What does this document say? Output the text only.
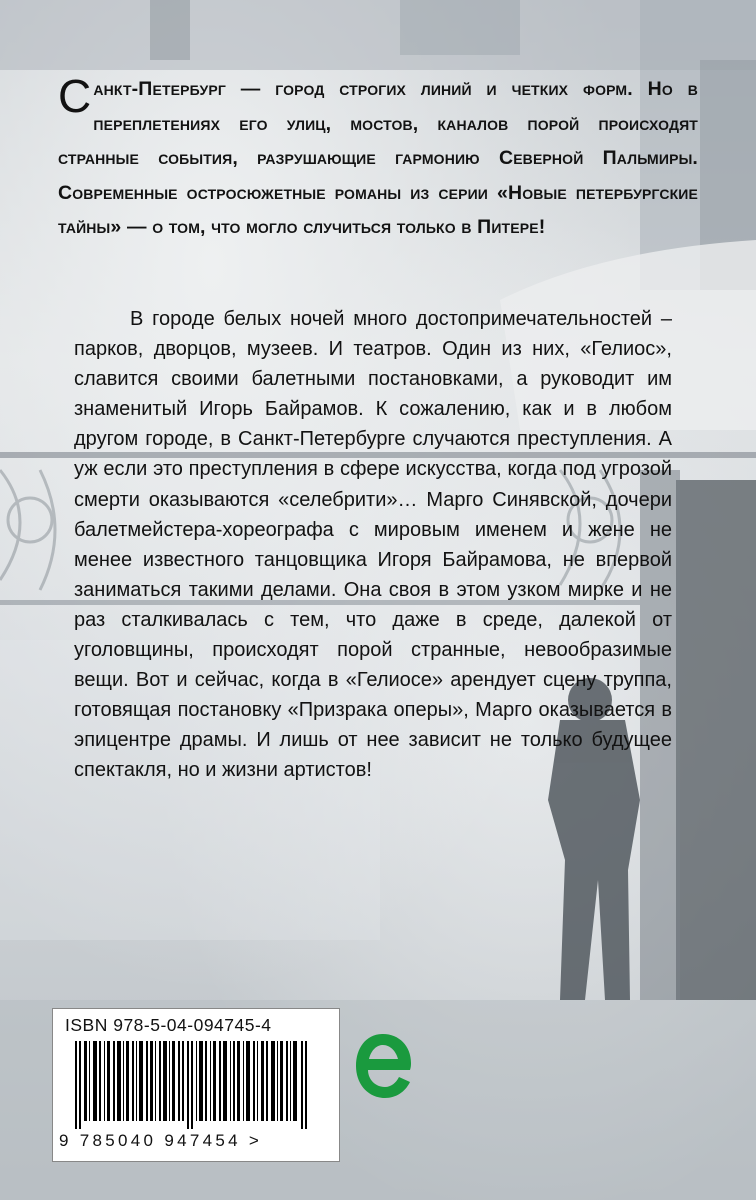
Санкт-Петербург — город строгих линий и четких форм. Но в переплетениях его улиц, мостов, каналов порой происходят странные события, разрушающие гармонию Северной Пальмиры. Современные остросюжетные романы из серии «Новые петербургские тайны» — о том, что могло случиться только в Питере!

В городе белых ночей много достопримечательностей – парков, дворцов, музеев. И театров. Один из них, «Гелиос», славится своими балетными постановками, а руководит им знаменитый Игорь Байрамов. К сожалению, как и в любом другом городе, в Санкт-Петербурге случаются преступления. А уж если это преступления в сфере искусства, когда под угрозой смерти оказываются «селебрити»… Марго Синявской, дочери балетмейстера-хореографа с мировым именем и жене не менее известного танцовщика Игоря Байрамова, не впервой заниматься такими делами. Она своя в этом узком мирке и не раз сталкивалась с тем, что даже в среде, далекой от уголовщины, происходят порой странные, невообразимые вещи. Вот и сейчас, когда в «Гелиосе» арендует сцену труппа, готовящая постановку «Призрака оперы», Марго оказывается в эпицентре драмы. И лишь от нее зависит не только будущее спектакля, но и жизни артистов!

ISBN 978-5-04-094745-4
9 785040 947454 >
